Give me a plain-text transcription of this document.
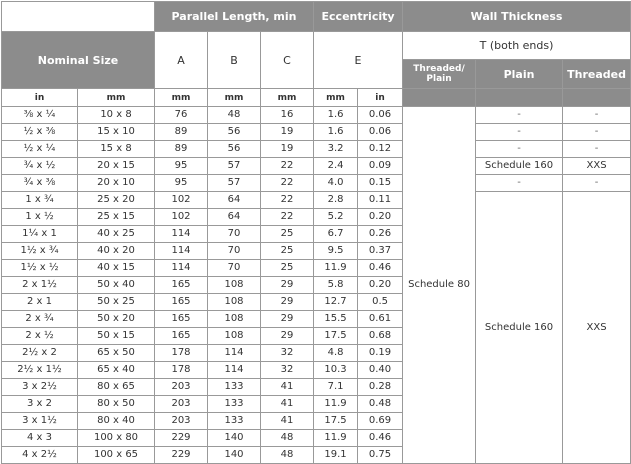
		Parallel Length, min			Eccentricity		Wall Thickness		
Nominal Size		A	B	C	E		T (both ends)		
							Threaded/ Plain	Plain	Threaded
in	mm	mm	mm	mm	mm	in			
⅜ x ¼	10 x 8	76	48	16	1.6	0.06	Schedule 80	-	-
½ x ⅜	15 x 10	89	56	19	1.6	0.06		-	-
½ x ¼	15 x 8	89	56	19	3.2	0.12		-	-
¾ x ½	20 x 15	95	57	22	2.4	0.09		Schedule 160	XXS
¾ x ⅜	20 x 10	95	57	22	4.0	0.15		-	-
1 x ¾	25 x 20	102	64	22	2.8	0.11		Schedule 160	XXS
1 x ½	25 x 15	102	64	22	5.2	0.20			
1¼ x 1	40 x 25	114	70	25	6.7	0.26			
1½ x ¾	40 x 20	114	70	25	9.5	0.37			
1½ x ½	40 x 15	114	70	25	11.9	0.46			
2 x 1½	50 x 40	165	108	29	5.8	0.20			
2 x 1	50 x 25	165	108	29	12.7	0.5			
2 x ¾	50 x 20	165	108	29	15.5	0.61			
2 x ½	50 x 15	165	108	29	17.5	0.68			
2½ x 2	65 x 50	178	114	32	4.8	0.19			
2½ x 1½	65 x 40	178	114	32	10.3	0.40			
3 x 2½	80 x 65	203	133	41	7.1	0.28			
3 x 2	80 x 50	203	133	41	11.9	0.48			
3 x 1½	80 x 40	203	133	41	17.5	0.69			
4 x 3	100 x 80	229	140	48	11.9	0.46			
4 x 2½	100 x 65	229	140	48	19.1	0.75			
